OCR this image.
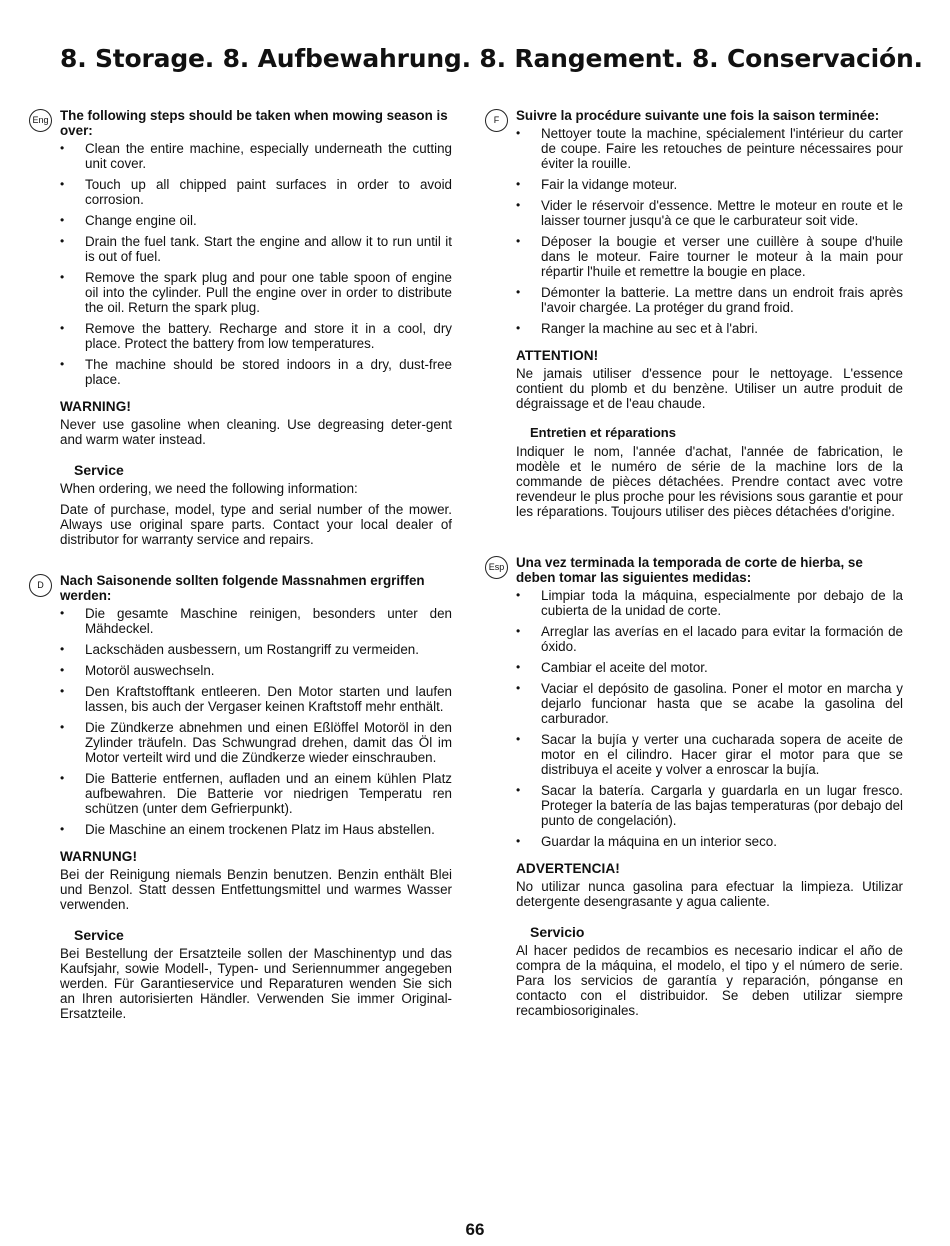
8. Storage. 8. Aufbewahrung. 8. Rangement. 8. Conservación.
Eng The following steps should be taken when mowing season is over:

• Clean the entire machine, especially underneath the cutting unit cover.
• Touch up all chipped paint surfaces in order to avoid corrosion.
• Change engine oil.
• Drain the fuel tank. Start the engine and allow it to run until it is out of fuel.
• Remove the spark plug and pour one table spoon of engine oil into the cylinder. Pull the engine over in order to distribute the oil. Return the spark plug.
• Remove the battery. Recharge and store it in a cool, dry place. Protect the battery from low temperatures.
• The machine should be stored indoors in a dry, dust-free place.
WARNING!

Never use gasoline when cleaning. Use degreasing deter-gent and warm water instead.

Service

When ordering, we need the following information:

Date of purchase, model, type and serial number of the mower. Always use original spare parts. Contact your local dealer of distributor for warranty service and repairs.

D	Nach Saisonende sollten folgende Massnahmen ergriffen werden:

• Die gesamte Maschine reinigen, besonders unter den Mähdeckel.
• Lackschäden ausbessern, um Rostangriff zu vermeiden.
• Motoröl auswechseln.
• Den Kraftstofftank entleeren. Den Motor starten und laufen lassen, bis auch der Vergaser keinen Kraftstoff mehr enthält.
• Die Zündkerze abnehmen und einen Eßlöffel Motoröl in den Zylinder träufeln. Das Schwungrad drehen, damit das Öl im Motor verteilt wird und die Zündkerze wieder einschrauben.
• Die Batterie entfernen, aufladen und an einem kühlen Platz aufbewahren. Die Batterie vor niedrigen Temperatu ren schützen (unter dem Gefrierpunkt).
• Die Maschine an einem trockenen Platz im Haus abstellen.
WARNUNG!

Bei der Reinigung niemals Benzin benutzen. Benzin enthält Blei und Benzol. Statt dessen Entfettungsmittel und warmes Wasser verwenden.

Service

Bei Bestellung der Ersatzteile sollen der Maschinentyp und das Kaufsjahr, sowie Modell-, Typen- und Seriennummer angegeben werden. Für Garantieservice und Reparaturen wenden Sie sich an Ihren autorisierten Händler. Verwenden Sie immer Original-Ersatzteile.

F	Suivre la procédure suivante une fois la saison terminée:

• Nettoyer toute la machine, spécialement l'intérieur du carter de coupe. Faire les retouches de peinture nécessaires pour éviter la rouille.
• Fair la vidange moteur.
• Vider le réservoir d'essence. Mettre le moteur en route et le laisser tourner jusqu'à ce que le carburateur soit vide.
• Déposer la bougie et verser une cuillère à soupe d'huile dans le moteur. Faire tourner le moteur à la main pour répartir l'huile et remettre la bougie en place.
• Démonter la batterie. La mettre dans un endroit frais après l'avoir chargée. La protéger du grand froid.
• Ranger la machine au sec et à l'abri.
ATTENTION!

Ne jamais utiliser d'essence pour le nettoyage. L'essence contient du plomb et du benzène. Utiliser un autre produit de dégraissage et de l'eau chaude.

Entretien et réparations

Indiquer le nom, l'année d'achat, l'année de fabrication, le modèle et le numéro de série de la machine lors de la commande de pièces détachées. Prendre contact avec votre revendeur le plus proche pour les révisions sous garantie et pour les réparations. Toujours utiliser des pièces détachées d'origine.

Esp Una vez terminada la temporada de corte de hierba, se deben tomar las siguientes medidas:

• Limpiar toda la máquina, especialmente por debajo de la cubierta de la unidad de corte.
• Arreglar las averías en el lacado para evitar la formación de óxido.
• Cambiar el aceite del motor.
• Vaciar el depósito de gasolina. Poner el motor en marcha y dejarlo funcionar hasta que se acabe la gasolina del carburador.
• Sacar la bujía y verter una cucharada sopera de aceite de motor en el cilindro. Hacer girar el motor para que se distribuya el aceite y volver a enroscar la bujía.
• Sacar la batería. Cargarla y guardarla en un lugar fresco. Proteger la batería de las bajas temperaturas (por debajo del punto de congelación).
• Guardar la máquina en un interior seco.
ADVERTENCIA!

No utilizar nunca gasolina para efectuar la limpieza. Utilizar detergente desengrasante y agua caliente.

Servicio

Al hacer pedidos de recambios es necesario indicar el año de compra de la máquina, el modelo, el tipo y el número de serie. Para los servicios de garantía y reparación, pónganse en contacto con el distribuidor. Se deben utilizar siempre recambiosoriginales.

66
